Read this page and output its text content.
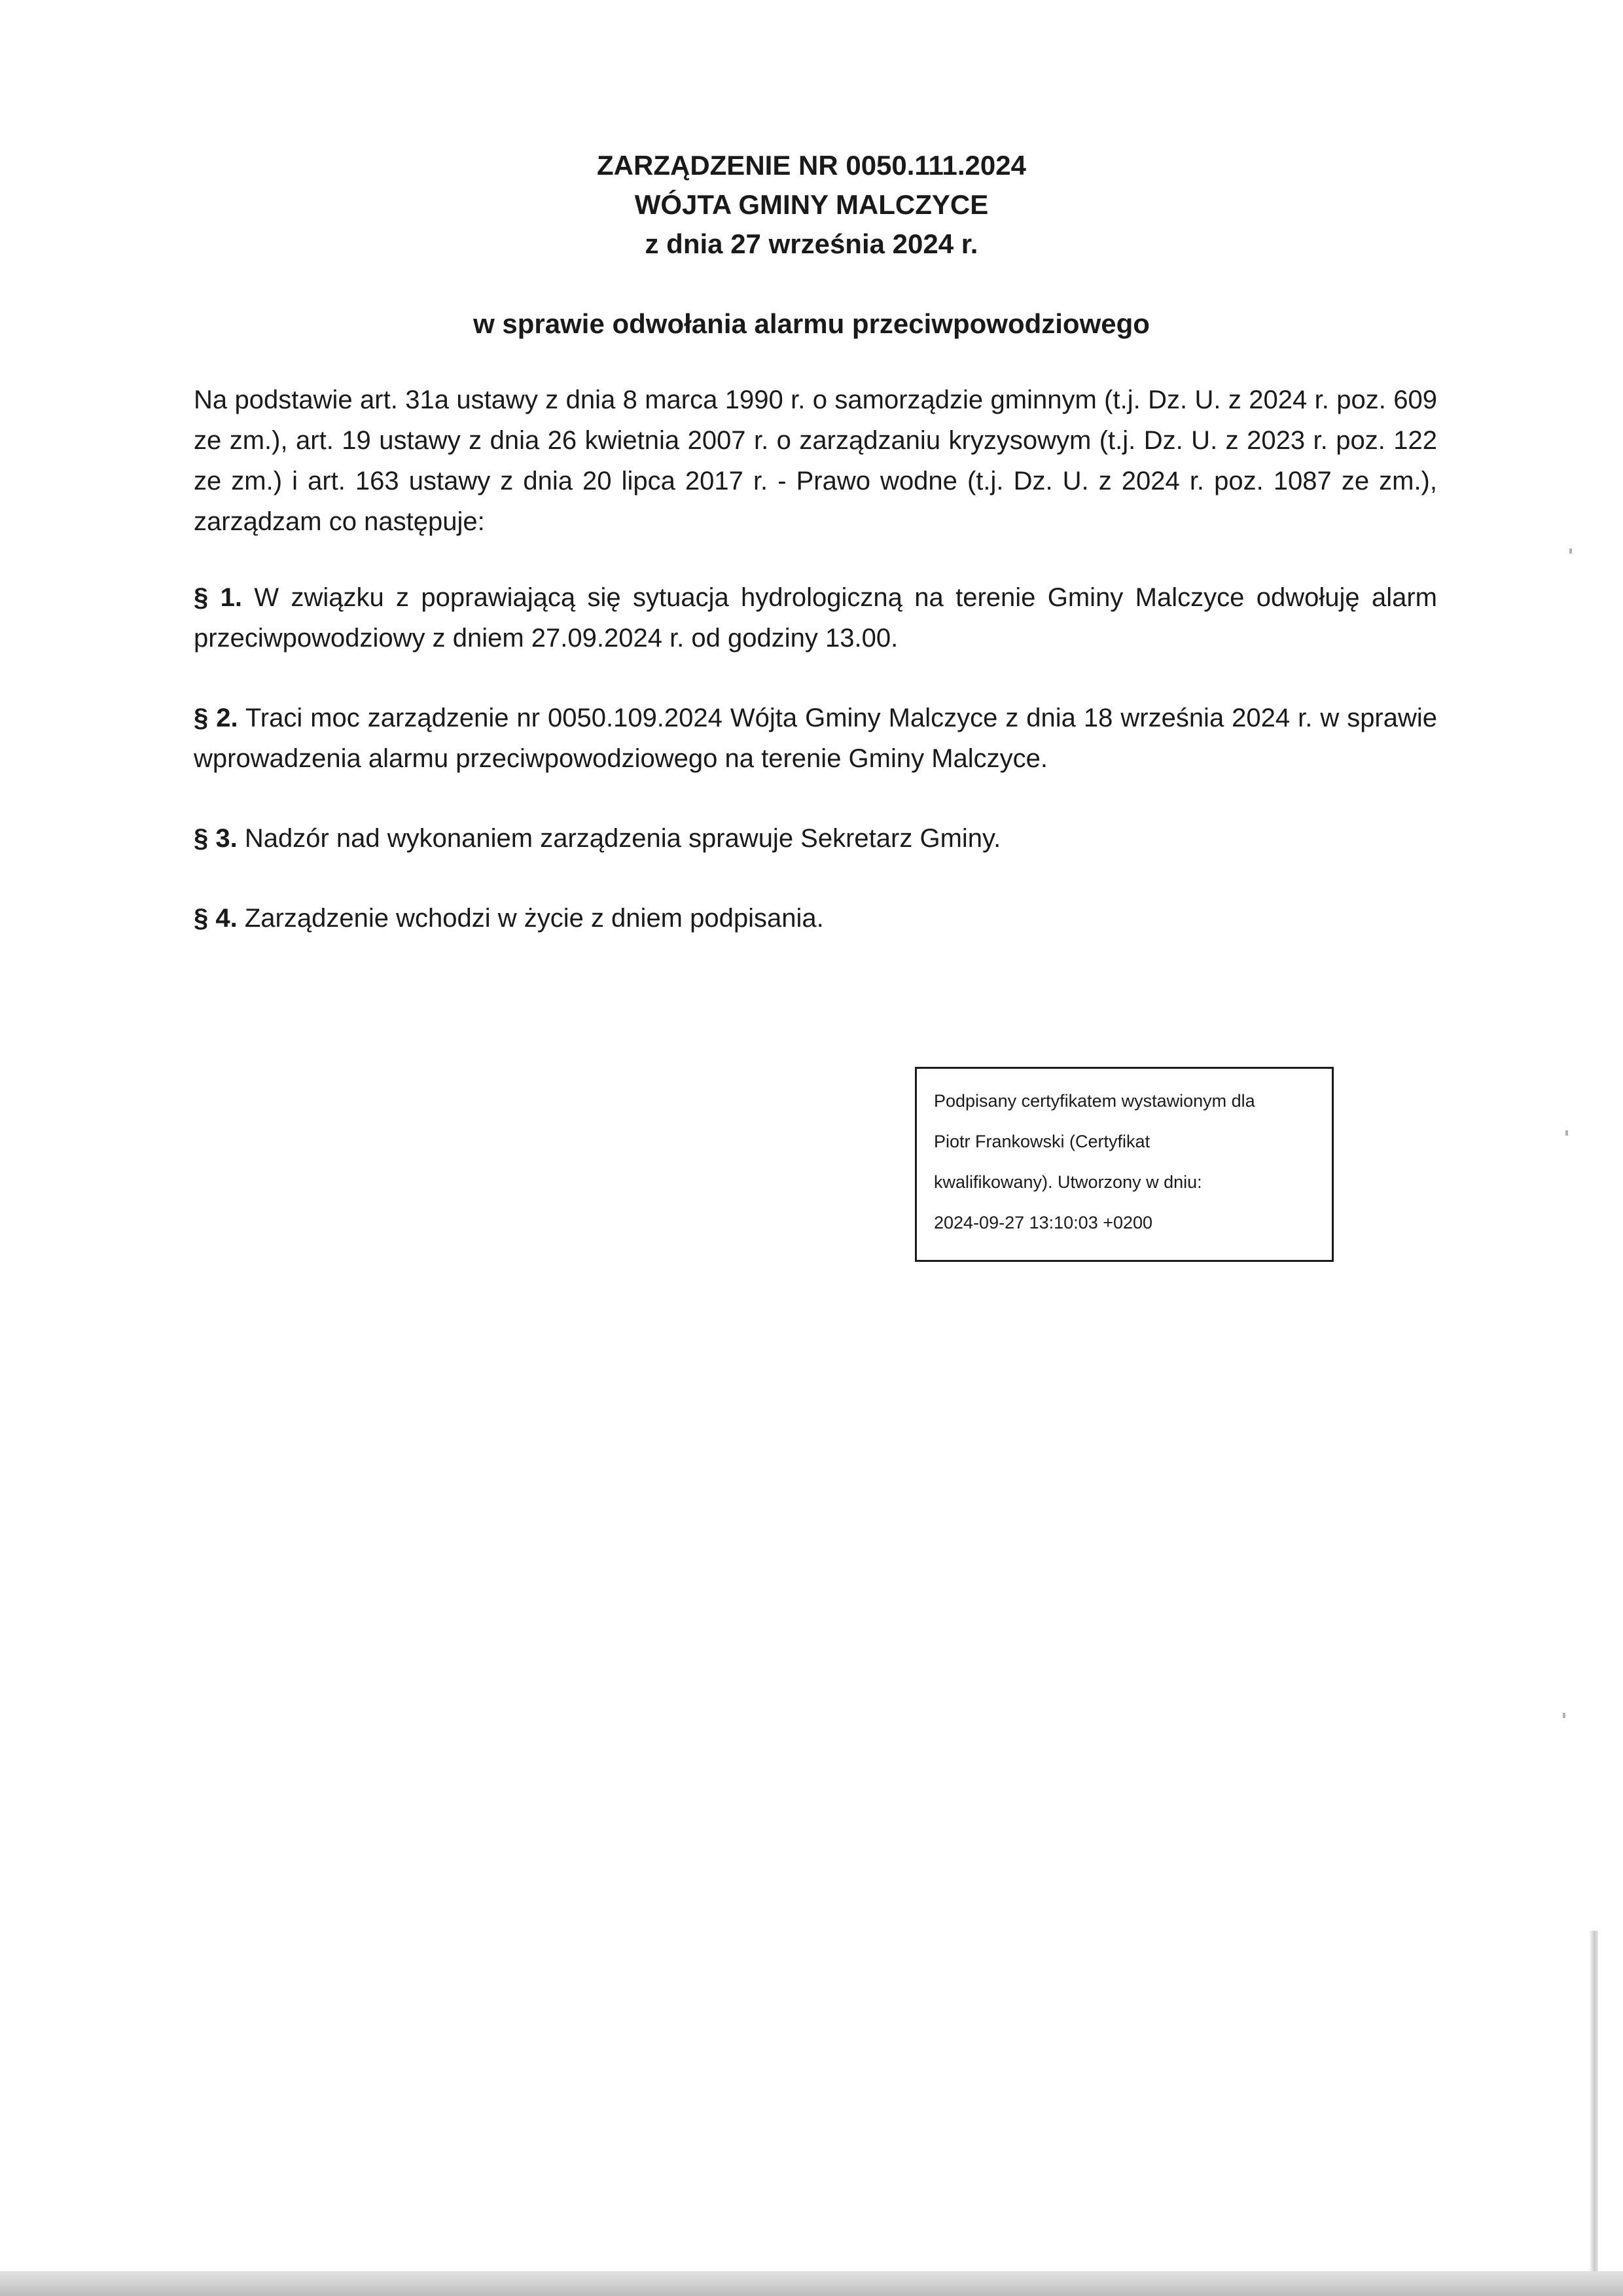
ZARZĄDZENIE NR 0050.111.2024
WÓJTA GMINY MALCZYCE
z dnia 27 września 2024 r.
w sprawie odwołania alarmu przeciwpowodziowego
Na podstawie art. 31a ustawy z dnia 8 marca 1990 r. o samorządzie gminnym (t.j. Dz. U. z 2024 r. poz. 609 ze zm.), art. 19 ustawy z dnia 26 kwietnia 2007 r. o zarządzaniu kryzysowym (t.j. Dz. U. z 2023 r. poz. 122 ze zm.) i art. 163 ustawy z dnia 20 lipca 2017 r. - Prawo wodne (t.j. Dz. U. z 2024 r. poz. 1087 ze zm.), zarządzam co następuje:
§ 1. W związku z poprawiającą się sytuacja hydrologiczną na terenie Gminy Malczyce odwołuję alarm przeciwpowodziowy z dniem 27.09.2024 r. od godziny 13.00.
§ 2. Traci moc zarządzenie nr 0050.109.2024 Wójta Gminy Malczyce z dnia 18 września 2024 r. w sprawie wprowadzenia alarmu przeciwpowodziowego na terenie Gminy Malczyce.
§ 3. Nadzór nad wykonaniem zarządzenia sprawuje Sekretarz Gminy.
§ 4. Zarządzenie wchodzi w życie z dniem podpisania.
Podpisany certyfikatem wystawionym dla
Piotr Frankowski (Certyfikat
kwalifikowany). Utworzony w dniu:
2024-09-27 13:10:03 +0200
